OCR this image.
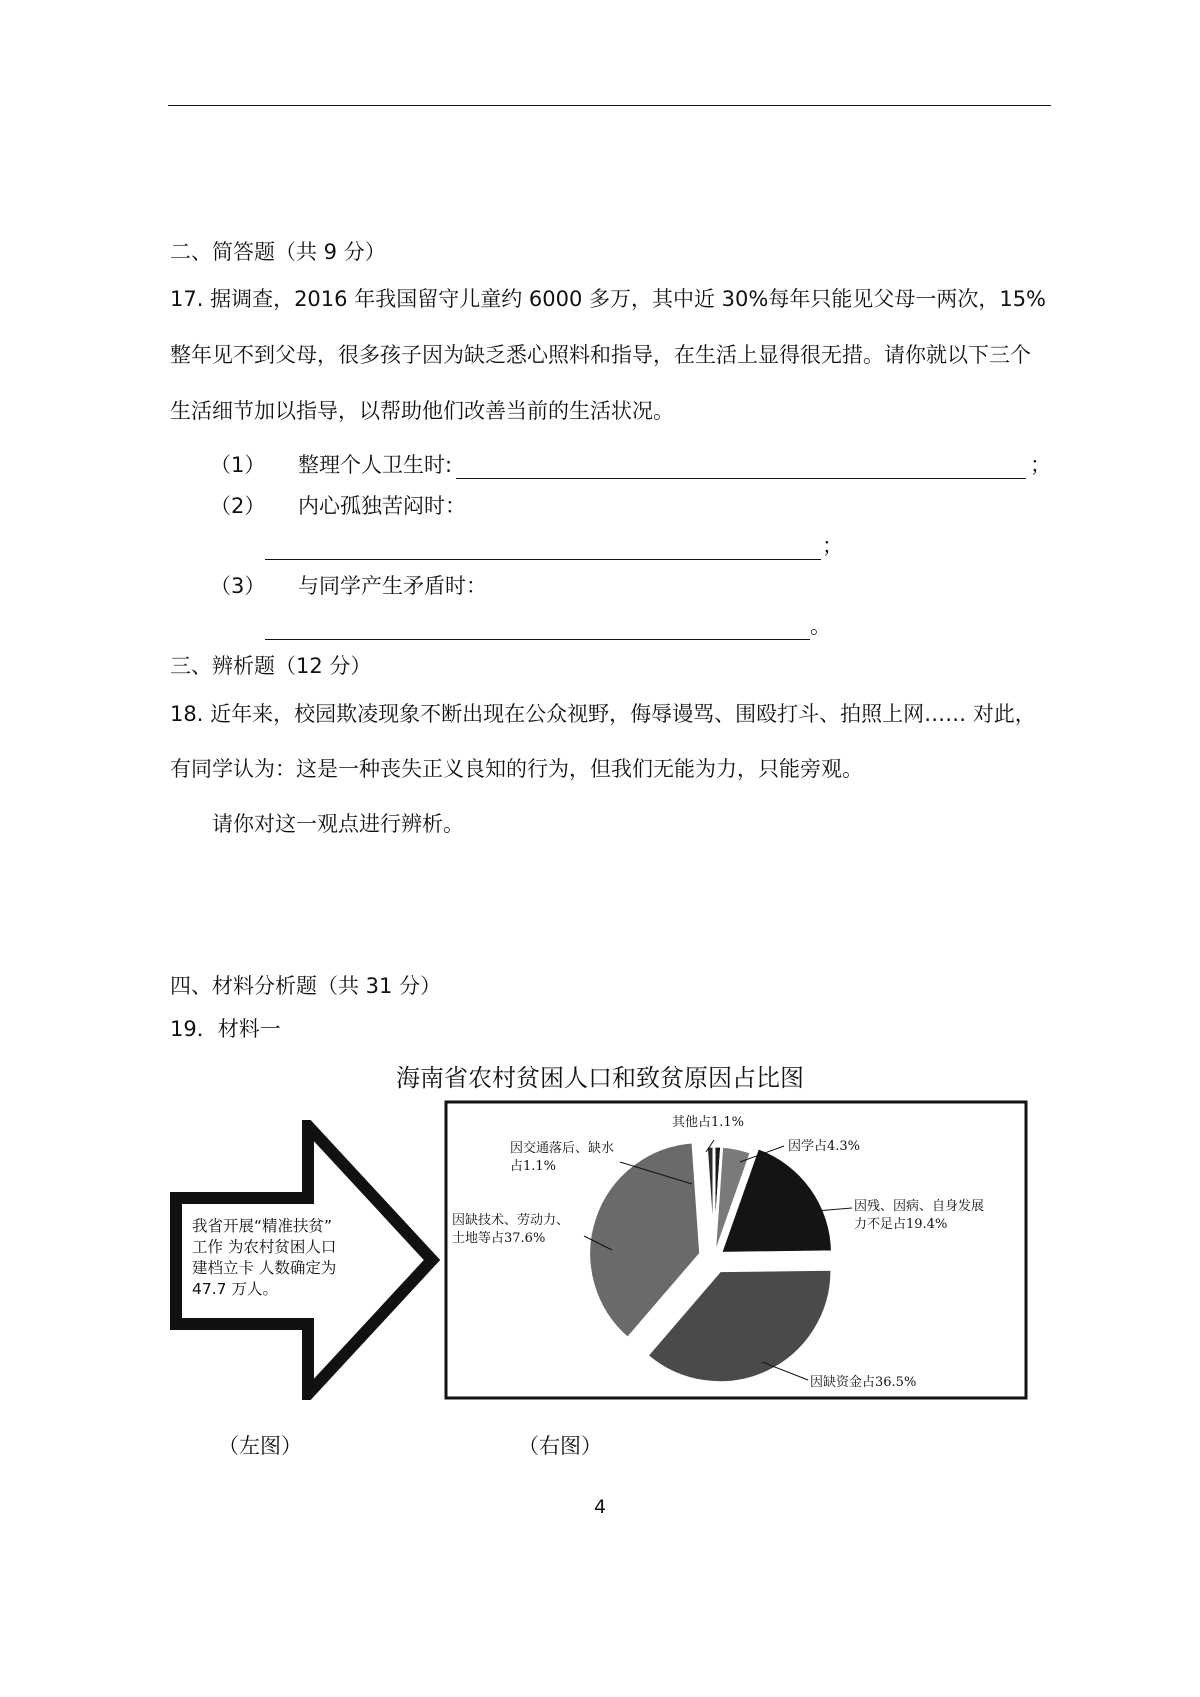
二、简答题（共 9 分）
17. 据调查，2016 年我国留守儿童约 6000 多万，其中近 30%每年只能见父母一两次，15%
整年见不到父母，很多孩子因为缺乏悉心照料和指导，在生活上显得很无措。请你就以下三个
生活细节加以指导，以帮助他们改善当前的生活状况。
（1） 整理个人卫生时:	；
（2） 内心孤独苦闷时：
；
（3） 与同学产生矛盾时：
。
三、辨析题（12 分）
18. 近年来，校园欺凌现象不断出现在公众视野，侮辱谩骂、围殴打斗、拍照上网…… 对此，
有同学认为：这是一种丧失正义良知的行为，但我们无能为力，只能旁观。
请你对这一观点进行辨析。
四、材料分析题（共 31 分）
19．材料一
海南省农村贫困人口和致贫原因占比图
我省开展“精准扶贫”
工作 为农村贫困人口
建档立卡 人数确定为
47.7 万人。
其他占1.1%
因学占4.3%
因残、因病、自身发展
力不足占19.4%
因缺资金占36.5%
因缺技术、劳动力、
土地等占37.6%
因交通落后、缺水
占1.1%
（左图）	（右图）
4
